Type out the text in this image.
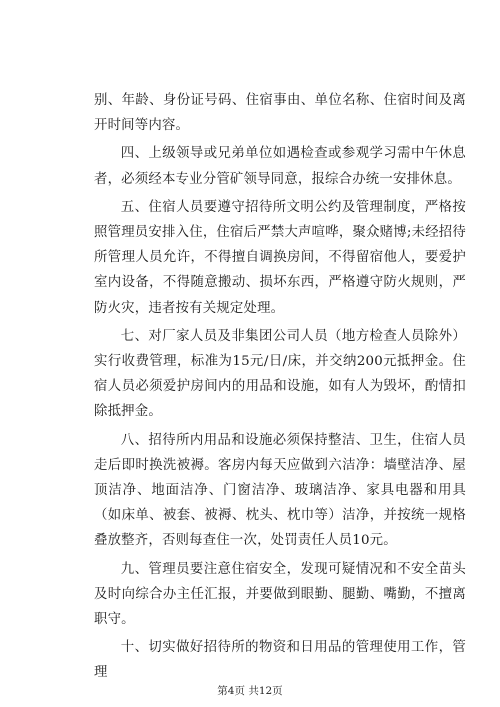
别、年龄、身份证号码、住宿事由、单位名称、住宿时间及离开时间等内容。

四、上级领导或兄弟单位如遇检查或参观学习需中午休息者，必须经本专业分管矿领导同意，报综合办统一安排休息。

五、住宿人员要遵守招待所文明公约及管理制度，严格按照管理员安排入住，住宿后严禁大声喧哗，聚众赌博;未经招待所管理人员允许，不得擅自调换房间，不得留宿他人，要爱护室内设备，不得随意搬动、损坏东西，严格遵守防火规则，严防火灾，违者按有关规定处理。

七、对厂家人员及非集团公司人员（地方检查人员除外）实行收费管理，标准为15元/日/床，并交纳200元抵押金。住宿人员必须爱护房间内的用品和设施，如有人为毁坏，酌情扣除抵押金。

八、招待所内用品和设施必须保持整洁、卫生，住宿人员走后即时换洗被褥。客房内每天应做到六洁净：墙壁洁净、屋顶洁净、地面洁净、门窗洁净、玻璃洁净、家具电器和用具（如床单、被套、被褥、枕头、枕巾等）洁净，并按统一规格叠放整齐，否则每查住一次，处罚责任人员10元。

九、管理员要注意住宿安全，发现可疑情况和不安全苗头及时向综合办主任汇报，并要做到眼勤、腿勤、嘴勤，不擅离职守。

十、切实做好招待所的物资和日用品的管理使用工作，管理

第4页 共12页
